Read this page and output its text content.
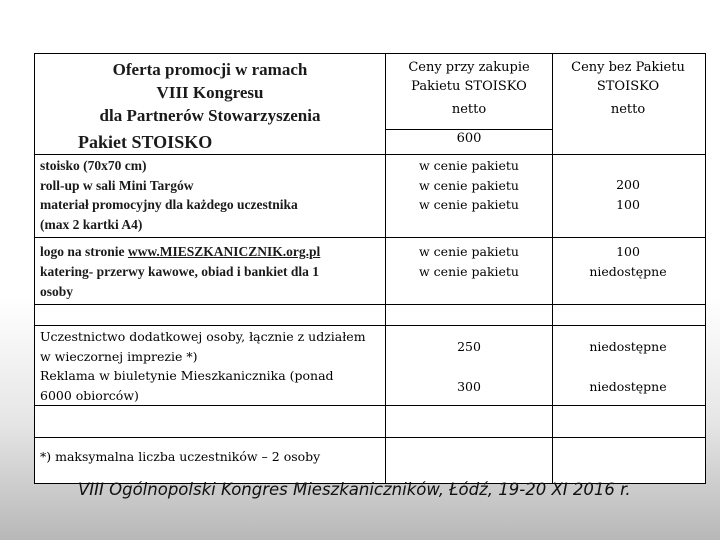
Oferta promocji w ramach
VIII Kongresu
dla Partnerów Stowarzyszenia
Pakiet STOISKO
Ceny przy zakupie
Pakietu STOISKO
netto
600
Ceny bez Pakietu
STOISKO
netto
stoisko (70x70 cm)
roll-up w sali Mini Targów
materiał promocyjny dla każdego uczestnika
(max 2 kartki A4)
w cenie pakietu
w cenie pakietu
w cenie pakietu
200
100
logo na stronie www.MIESZKANICZNIK.org.pl
katering- przerwy kawowe, obiad i bankiet dla 1
osoby
w cenie pakietu
w cenie pakietu
100
niedostępne
Uczestnictwo dodatkowej osoby, łącznie z udziałem
w wieczornej imprezie *)
Reklama w biuletynie Mieszkanicznika (ponad
6000 obiorców)
250
300
niedostępne
niedostępne
*) maksymalna liczba uczestników – 2 osoby
VIII Ogólnopolski Kongres Mieszkaniczników, Łódź, 19-20 XI 2016 r.
